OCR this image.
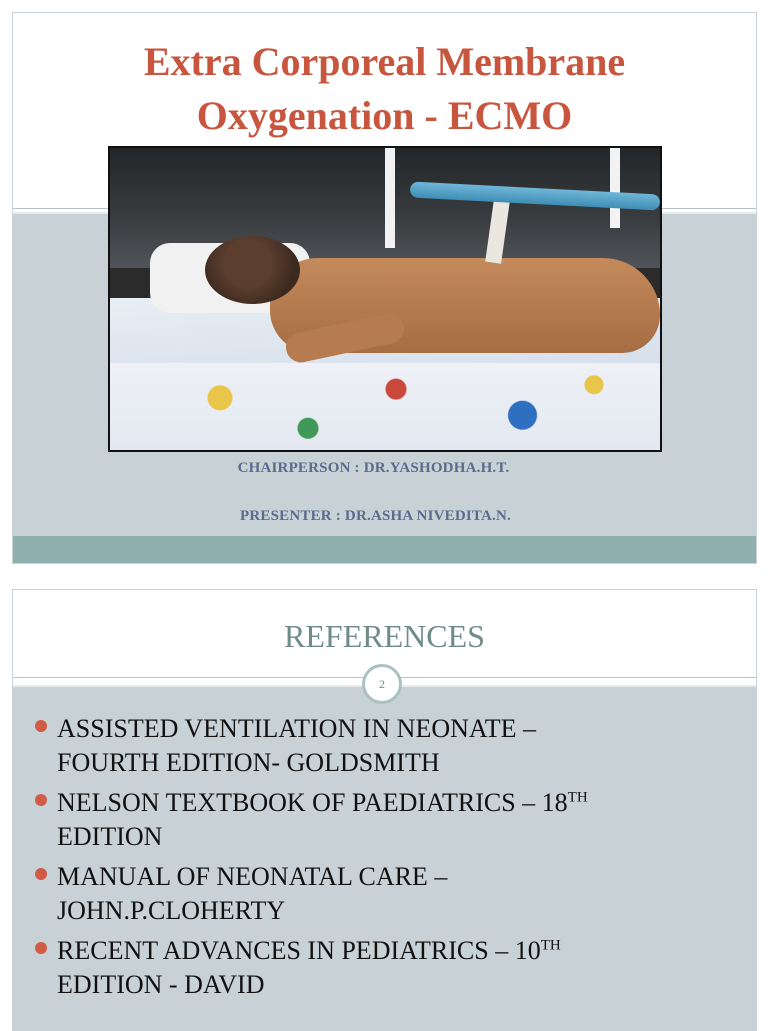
Extra Corporeal Membrane
Oxygenation - ECMO
CHAIRPERSON : DR.YASHODHA.H.T.
PRESENTER : DR.ASHA NIVEDITA.N.
REFERENCES
2
ASSISTED VENTILATION IN NEONATE –
FOURTH EDITION- GOLDSMITH
NELSON TEXTBOOK OF PAEDIATRICS – 18TH
EDITION
MANUAL OF NEONATAL CARE –
JOHN.P.CLOHERTY
RECENT ADVANCES IN PEDIATRICS – 10TH
EDITION - DAVID
